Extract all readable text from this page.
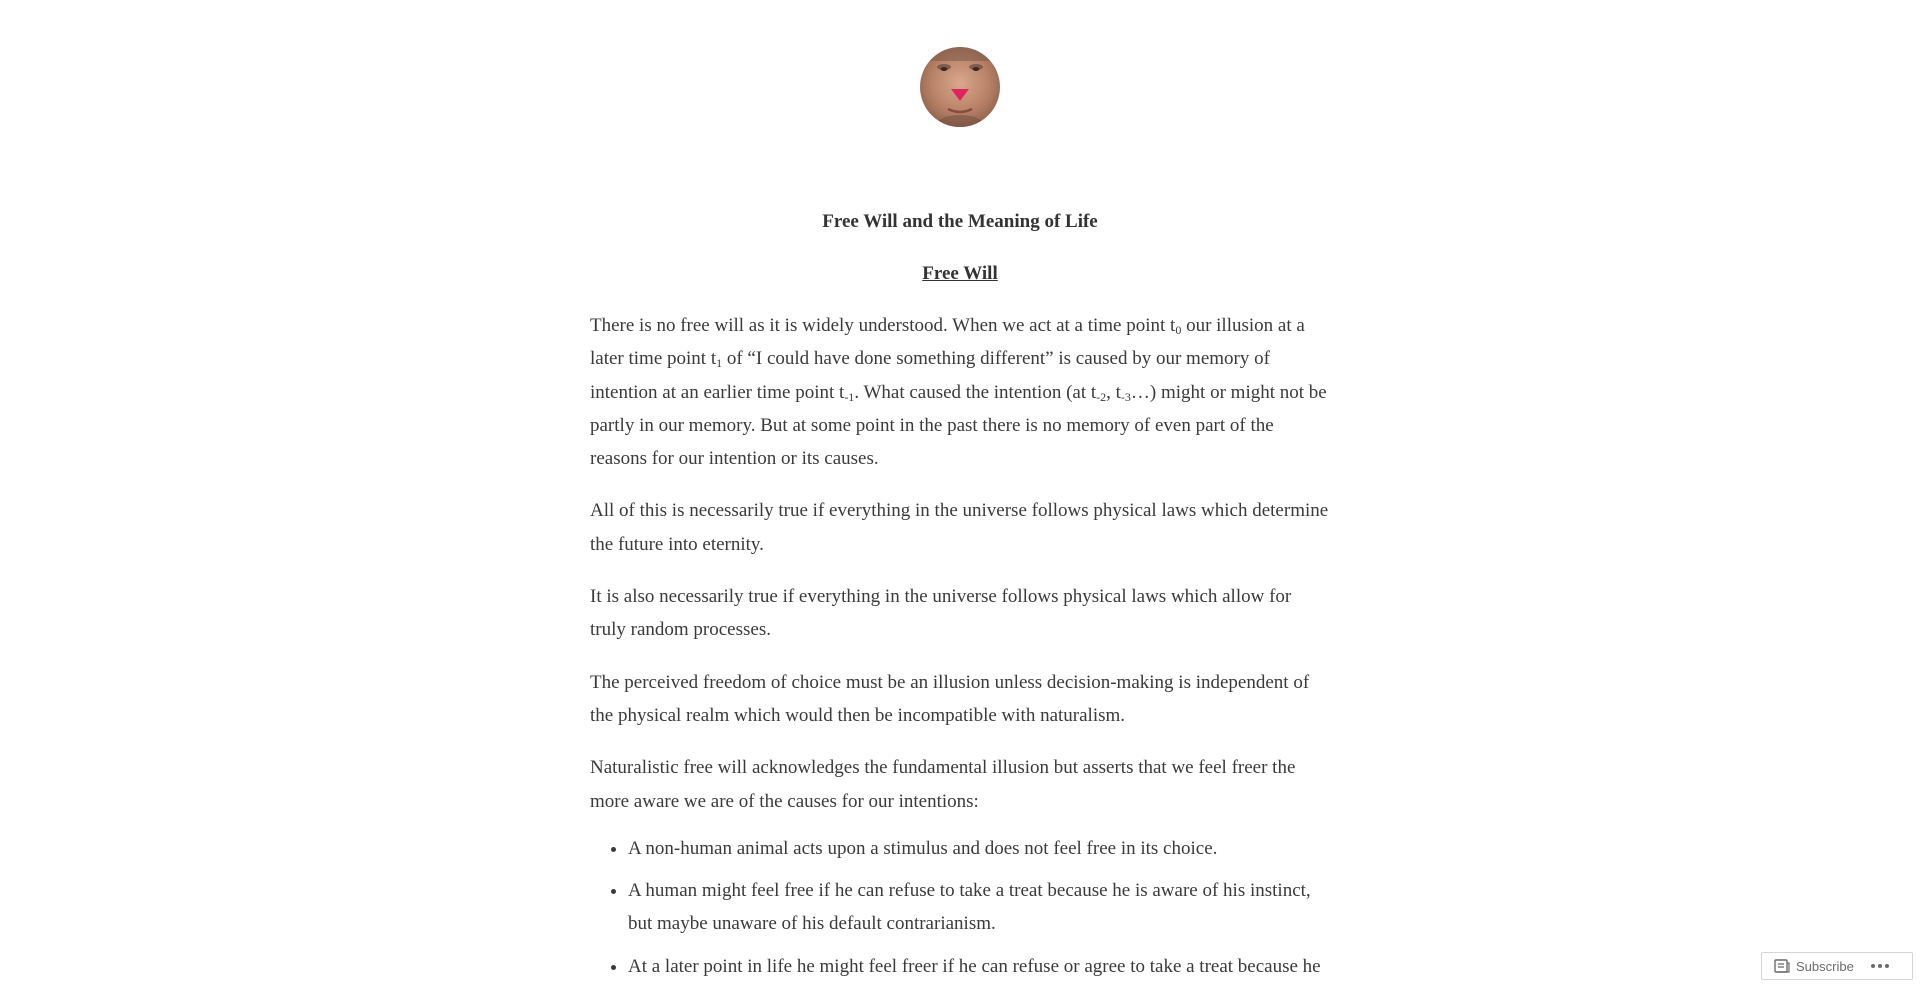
Free Will and the Meaning of Life
Free Will

There is no free will as it is widely understood. When we act at a time point $t_0$ our illusion at a later time point $t_1$ of “I could have done something different” is caused by our memory of intention at an earlier time point $t_{-1}$. What caused the intention (at $t_{-2}$, $t_{-3}\dots$) might or might not be partly in our memory. But at some point in the past there is no memory of even part of the reasons for our intention or its causes.

All of this is necessarily true if everything in the universe follows physical laws which determine the future into eternity.

It is also necessarily true if everything in the universe follows physical laws which allow for truly random processes.

The perceived freedom of choice must be an illusion unless decision-making is independent of the physical realm which would then be incompatible with naturalism.

Naturalistic free will acknowledges the fundamental illusion but asserts that we feel freer the more aware we are of the causes for our intentions:

• A non-human animal acts upon a stimulus and does not feel free in its choice.
• A human might feel free if he can refuse to take a treat because he is aware of his instinct, but maybe unaware of his default contrarianism.
• At a later point in life he might feel freer if he can refuse or agree to take a treat because he	Subscribe
